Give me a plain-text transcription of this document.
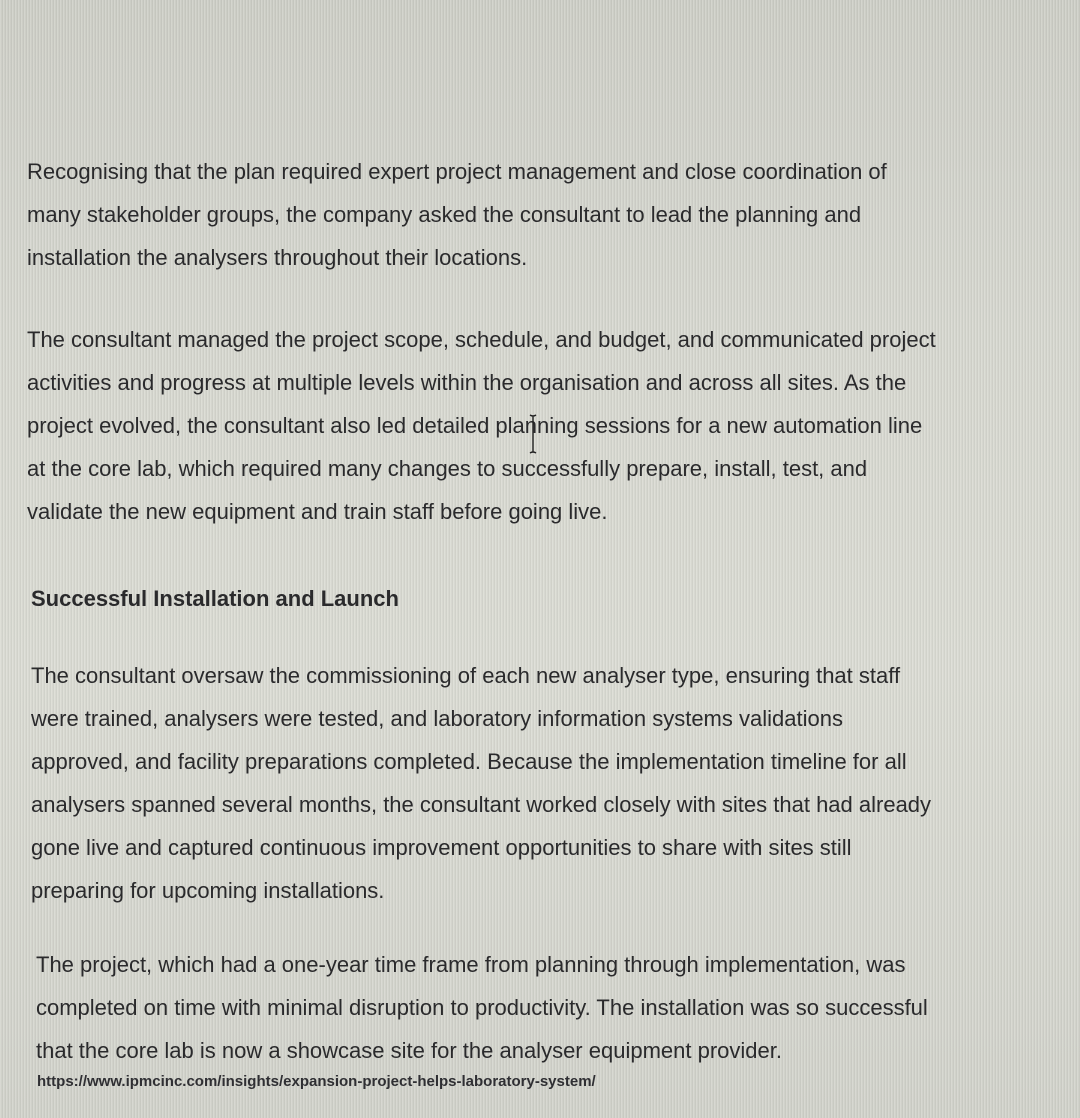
Recognising that the plan required expert project management and close coordination of
many stakeholder groups, the company asked the consultant to lead the planning and
installation the analysers throughout their locations.

The consultant managed the project scope, schedule, and budget, and communicated project
activities and progress at multiple levels within the organisation and across all sites. As the
project evolved, the consultant also led detailed planning sessions for a new automation line
at the core lab, which required many changes to successfully prepare, install, test, and
validate the new equipment and train staff before going live.

Successful Installation and Launch

The consultant oversaw the commissioning of each new analyser type, ensuring that staff
were trained, analysers were tested, and laboratory information systems validations
approved, and facility preparations completed. Because the implementation timeline for all
analysers spanned several months, the consultant worked closely with sites that had already
gone live and captured continuous improvement opportunities to share with sites still
preparing for upcoming installations.

The project, which had a one-year time frame from planning through implementation, was
completed on time with minimal disruption to productivity. The installation was so successful
that the core lab is now a showcase site for the analyser equipment provider.

https://www.ipmcinc.com/insights/expansion-project-helps-laboratory-system/
